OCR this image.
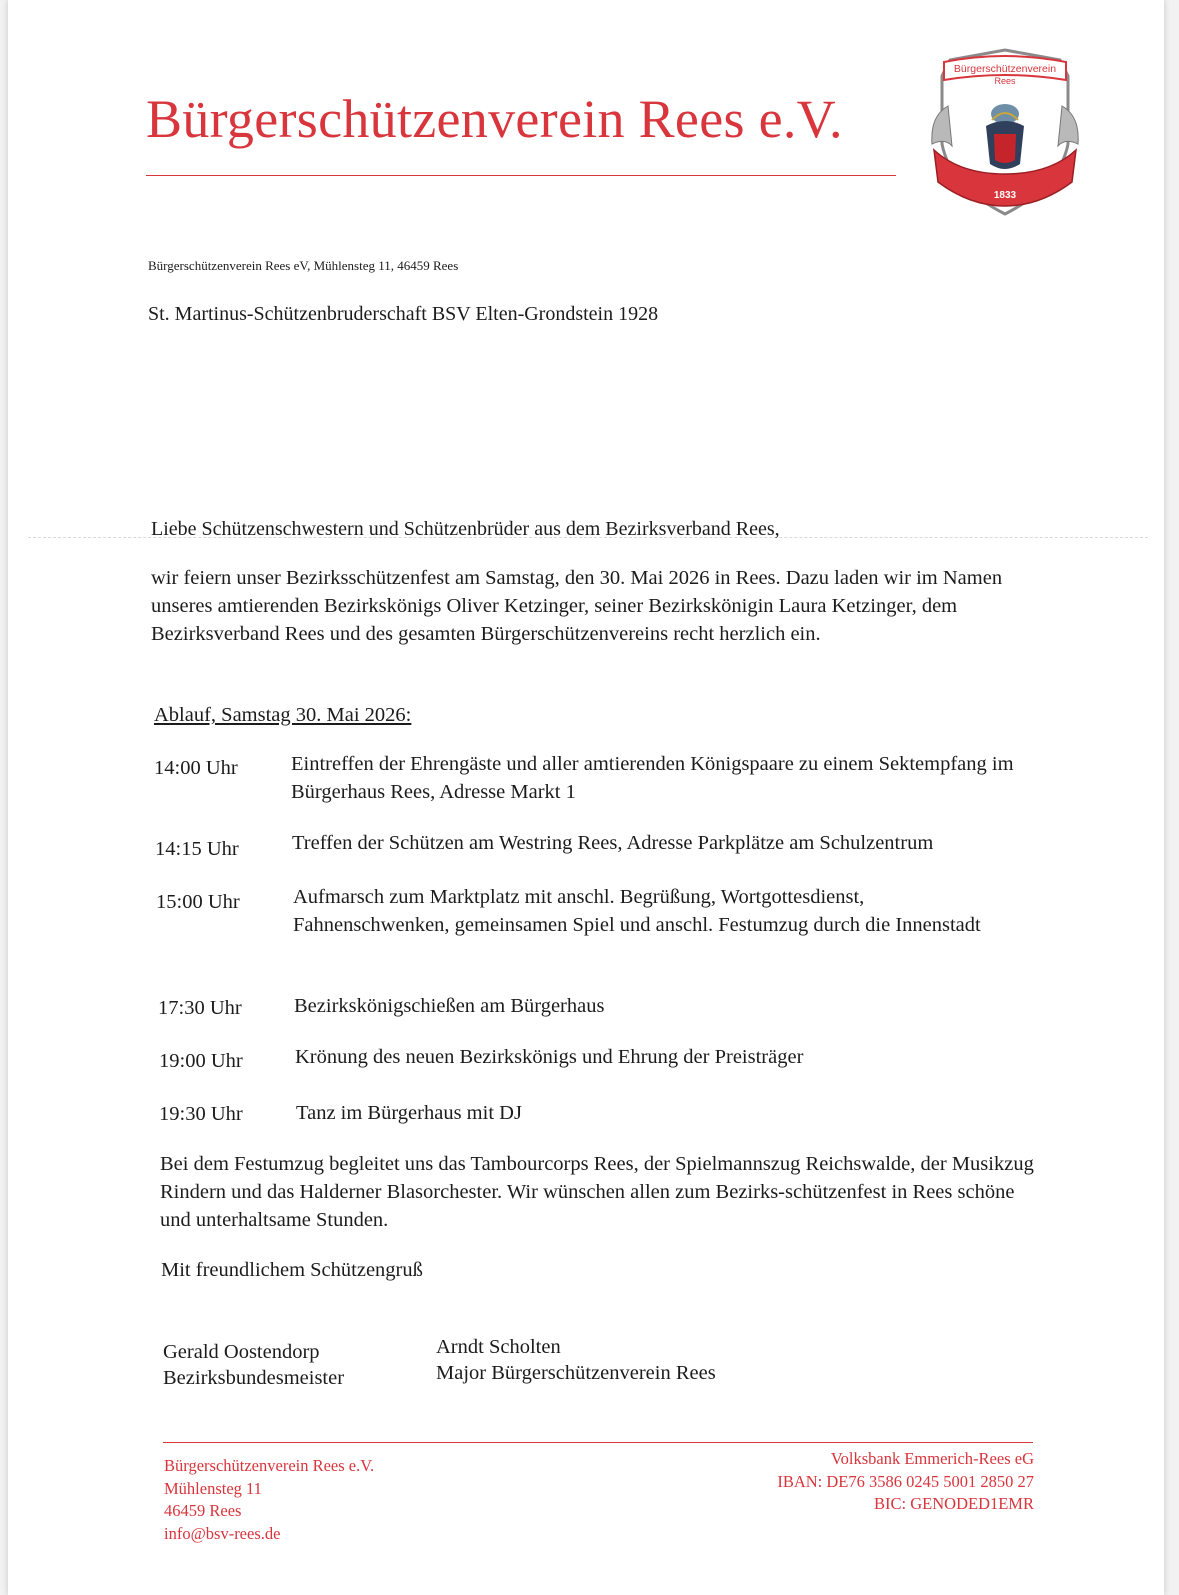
Bürgerschützenverein Rees e.V.
Bürgerschützenverein
Rees
1833
Bürgerschützenverein Rees eV, Mühlensteg 11, 46459 Rees
St. Martinus-Schützenbruderschaft BSV Elten-Grondstein 1928
Liebe Schützenschwestern und Schützenbrüder aus dem Bezirksverband Rees,
wir feiern unser Bezirksschützenfest am Samstag, den 30. Mai 2026 in Rees. Dazu laden wir im Namen unseres amtierenden Bezirkskönigs Oliver Ketzinger, seiner Bezirkskönigin Laura Ketzinger, dem Bezirksverband Rees und des gesamten Bürgerschützenvereins recht herzlich ein.
Ablauf, Samstag 30. Mai 2026:
14:00 Uhr	Eintreffen der Ehrengäste und aller amtierenden Königspaare zu einem Sektempfang im Bürgerhaus Rees, Adresse Markt 1
14:15 Uhr	Treffen der Schützen am Westring Rees, Adresse Parkplätze am Schulzentrum
15:00 Uhr	Aufmarsch zum Marktplatz mit anschl. Begrüßung, Wortgottesdienst, Fahnenschwenken, gemeinsamen Spiel und anschl. Festumzug durch die Innenstadt
17:30 Uhr	Bezirkskönigschießen am Bürgerhaus
19:00 Uhr	Krönung des neuen Bezirkskönigs und Ehrung der Preisträger
19:30 Uhr	Tanz im Bürgerhaus mit DJ
Bei dem Festumzug begleitet uns das Tambourcorps Rees, der Spielmannszug Reichswalde, der Musikzug Rindern und das Halderner Blasorchester. Wir wünschen allen zum Bezirks-schützenfest in Rees schöne und unterhaltsame Stunden.
Mit freundlichem Schützengruß
Gerald Oostendorp
Bezirksbundesmeister
Arndt Scholten
Major Bürgerschützenverein Rees
Bürgerschützenverein Rees e.V.
Mühlensteg 11
46459 Rees
info@bsv-rees.de
Volksbank Emmerich-Rees eG
IBAN: DE76 3586 0245 5001 2850 27
BIC: GENODED1EMR
